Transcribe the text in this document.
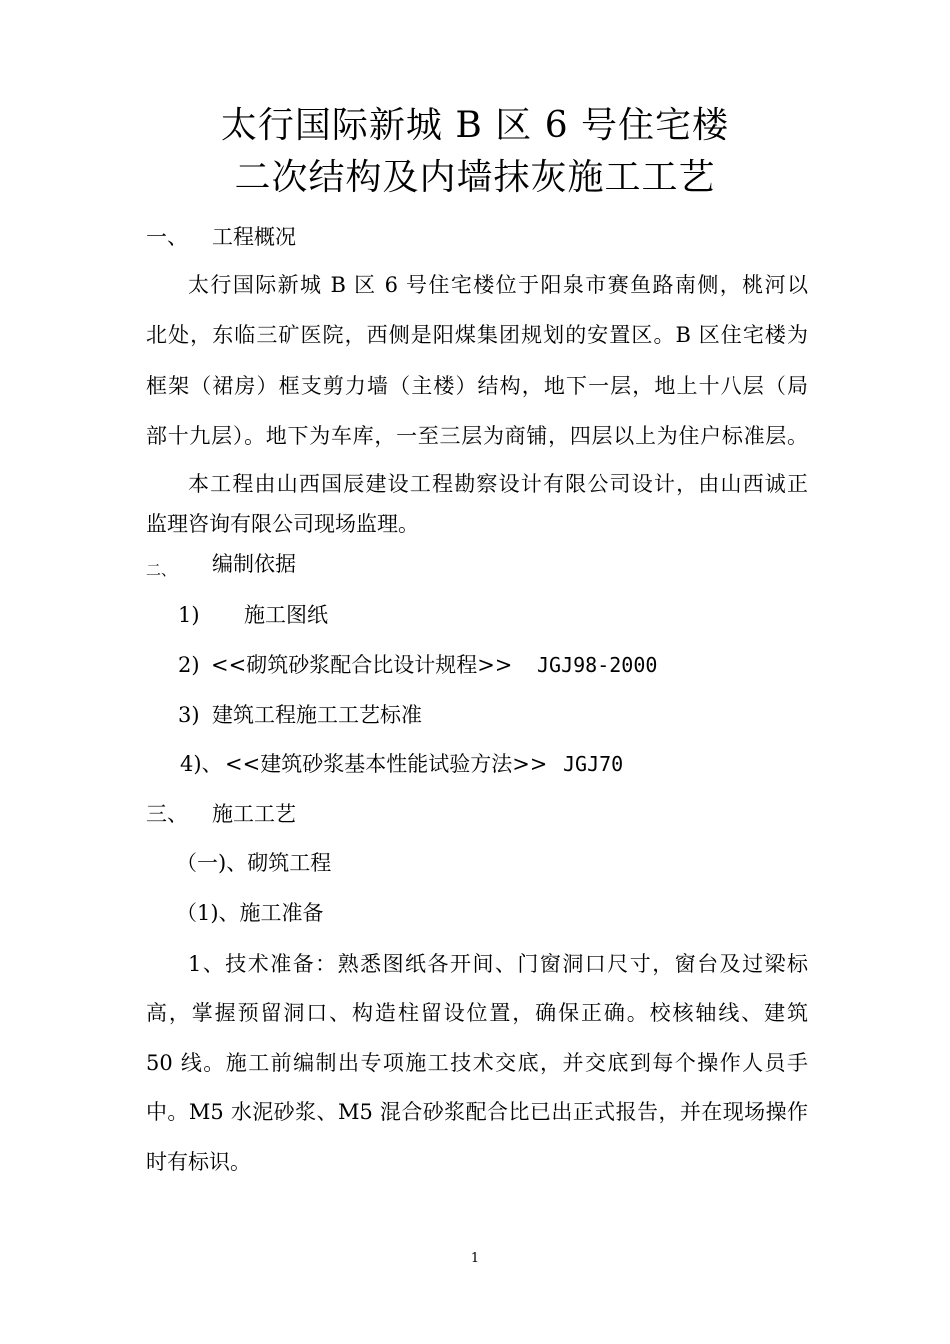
太行国际新城 B 区 6 号住宅楼
二次结构及内墙抹灰施工工艺
一、 工程概况
太行国际新城 B 区 6 号住宅楼位于阳泉市赛鱼路南侧，桃河以
北处，东临三矿医院，西侧是阳煤集团规划的安置区。B 区住宅楼为
框架（裙房）框支剪力墙（主楼）结构，地下一层，地上十八层（局
部十九层）。地下为车库，一至三层为商铺，四层以上为住户标准层。
本工程由山西国辰建设工程勘察设计有限公司设计，由山西诚正
监理咨询有限公司现场监理。
二、 编制依据
1) 施工图纸
2) <<砌筑砂浆配合比设计规程>> JGJ98-2000
3) 建筑工程施工工艺标准
4)、 <<建筑砂浆基本性能试验方法>> JGJ70
三、 施工工艺
（一)、砌筑工程
（1)、施工准备
1、技术准备：熟悉图纸各开间、门窗洞口尺寸，窗台及过梁标
高，掌握预留洞口、构造柱留设位置，确保正确。校核轴线、建筑
50 线。施工前编制出专项施工技术交底，并交底到每个操作人员手
中。M5 水泥砂浆、M5 混合砂浆配合比已出正式报告，并在现场操作
时有标识。
1
